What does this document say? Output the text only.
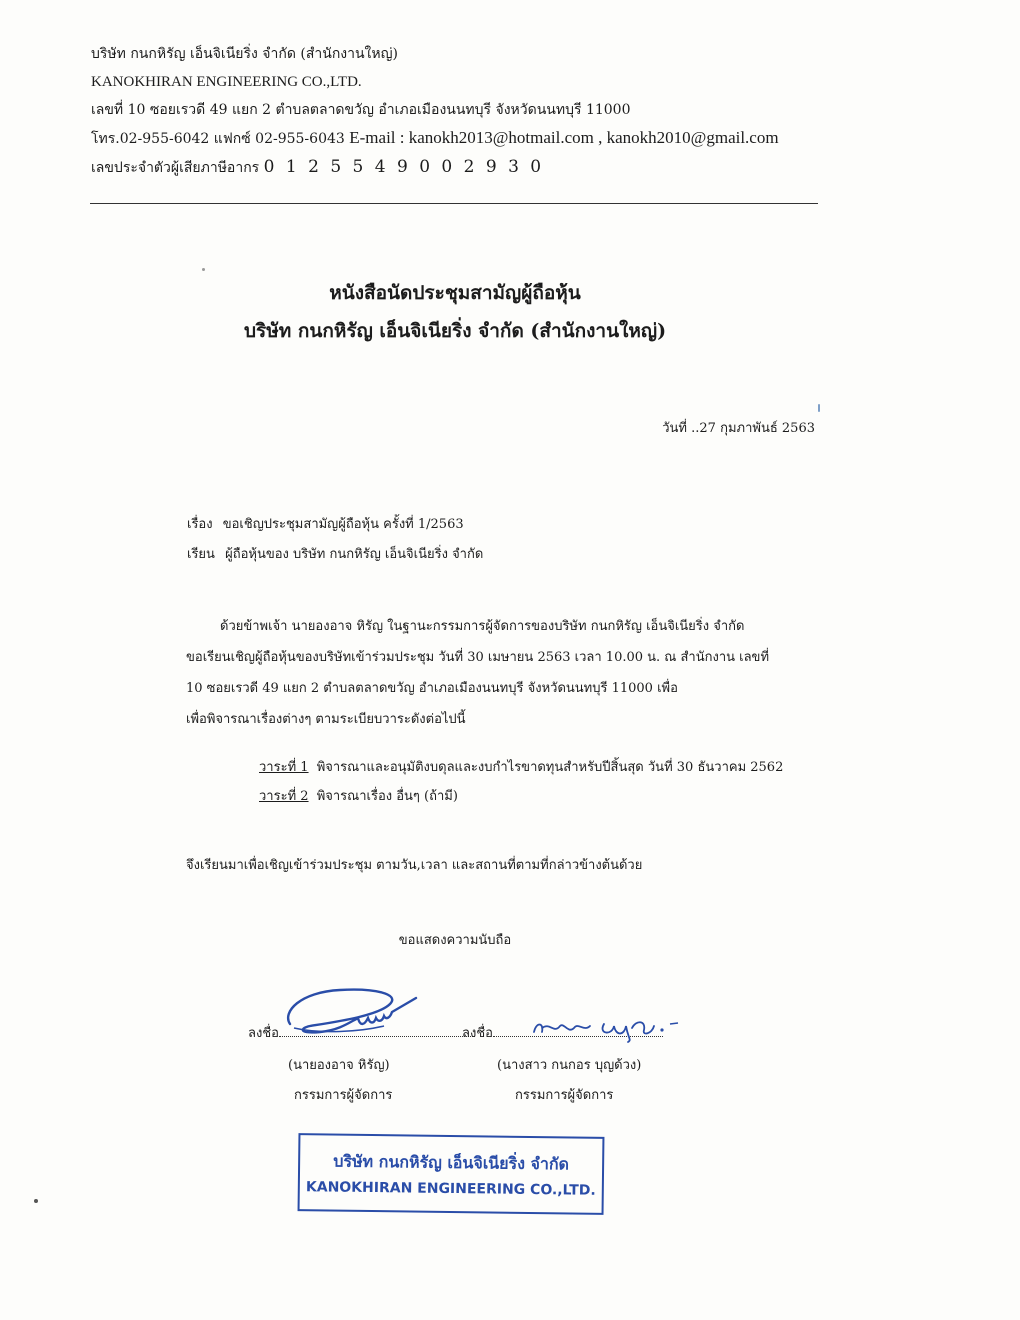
บริษัท กนกหิรัญ เอ็นจิเนียริ่ง จำกัด (สำนักงานใหญ่)
KANOKHIRAN ENGINEERING CO.,LTD.
เลขที่ 10 ซอยเรวดี 49 แยก 2 ตำบลตลาดขวัญ อำเภอเมืองนนทบุรี จังหวัดนนทบุรี 11000
โทร.02-955-6042 แฟกซ์ 02-955-6043 E-mail : kanokh2013@hotmail.com , kanokh2010@gmail.com
เลขประจำตัวผู้เสียภาษีอากร 0 1 2 5 5 4 9 0 0 2 9 3 0
หนังสือนัดประชุมสามัญผู้ถือหุ้น
บริษัท กนกหิรัญ เอ็นจิเนียริ่ง จำกัด (สำนักงานใหญ่)
วันที่ ..27 กุมภาพันธ์ 2563
เรื่อง ขอเชิญประชุมสามัญผู้ถือหุ้น ครั้งที่ 1/2563
เรียน ผู้ถือหุ้นของ บริษัท กนกหิรัญ เอ็นจิเนียริ่ง จำกัด
ด้วยข้าพเจ้า นายองอาจ หิรัญ ในฐานะกรรมการผู้จัดการของบริษัท กนกหิรัญ เอ็นจิเนียริ่ง จำกัด
ขอเรียนเชิญผู้ถือหุ้นของบริษัทเข้าร่วมประชุม วันที่ 30 เมษายน 2563 เวลา 10.00 น. ณ สำนักงาน เลขที่
10 ซอยเรวดี 49 แยก 2 ตำบลตลาดขวัญ อำเภอเมืองนนทบุรี จังหวัดนนทบุรี 11000 เพื่อ
เพื่อพิจารณาเรื่องต่างๆ ตามระเบียบวาระดังต่อไปนี้
วาระที่ 1 พิจารณาและอนุมัติงบดุลและงบกำไรขาดทุนสำหรับปีสิ้นสุด วันที่ 30 ธันวาคม 2562
วาระที่ 2 พิจารณาเรื่อง อื่นๆ (ถ้ามี)
จึงเรียนมาเพื่อเชิญเข้าร่วมประชุม ตามวัน,เวลา และสถานที่ตามที่กล่าวข้างต้นด้วย
ขอแสดงความนับถือ
ลงชื่อ
(นายองอาจ หิรัญ)
กรรมการผู้จัดการ
ลงชื่อ
(นางสาว กนกอร บุญด้วง)
กรรมการผู้จัดการ
บริษัท กนกหิรัญ เอ็นจิเนียริ่ง จำกัด
KANOKHIRAN ENGINEERING CO.,LTD.
